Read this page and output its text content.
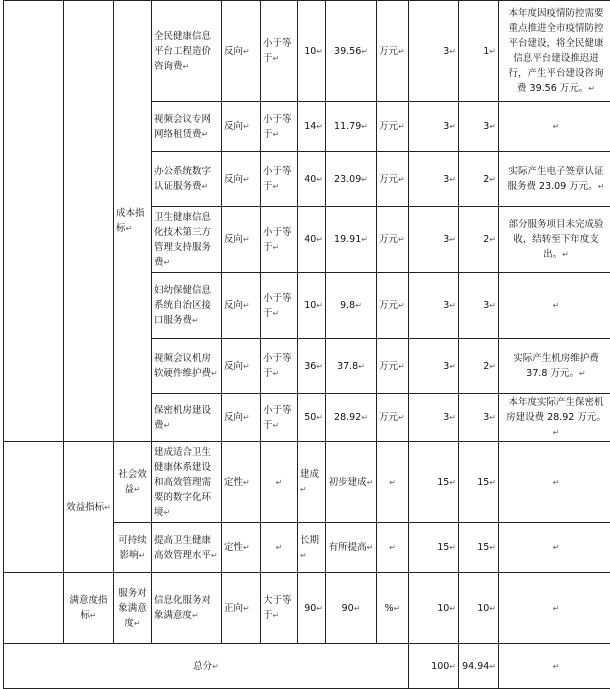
		成本指标↵	全民健康信息平台工程造价咨询费↵	反向↵	小于等于↵	10↵	39.56↵	万元↵	3↵	1↵	本年度因疫情防控需要重点推进全市疫情防控平台建设，将全民健康信息平台建设推迟进行，产生平台建设咨询费 39.56 万元。↵
			视频会议专网网络租赁费↵	反向↵	小于等于↵	14↵	11.79↵	万元↵	3↵	3↵	↵
			办公系统数字认证服务费↵	反向↵	小于等于↵	40↵	23.09↵	万元↵	3↵	2↵	实际产生电子签章认证服务费 23.09 万元。↵
			卫生健康信息化技术第三方管理支持服务费↵	反向↵	小于等于↵	40↵	19.91↵	万元↵	3↵	2↵	部分服务项目未完成验收，结转至下年度支出。↵
			妇幼保健信息系统自治区接口服务费↵	反向↵	小于等于↵	10↵	9.8↵	万元↵	3↵	3↵	↵
			视频会议机房软硬件维护费↵	反向↵	小于等于↵	36↵	37.8↵	万元↵	3↵	2↵	实际产生机房维护费 37.8 万元。↵
			保密机房建设费↵	反向↵	小于等于↵	50↵	28.92↵	万元↵	3↵	3↵	本年度实际产生保密机房建设费 28.92 万元。↵
	效益指标↵	社会效益↵	建成适合卫生健康体系建设和高效管理需要的数字化环境↵	定性↵	↵	建成↵	初步建成↵	↵	15↵	15↵	↵
		可持续影响↵	提高卫生健康高效管理水平↵	定性↵	↵	长期↵	有所提高↵	↵	15↵	15↵	↵
	满意度指标↵	服务对象满意度↵	信息化服务对象满意度↵	正向↵	大于等于↵	90↵	90↵	%↵	10↵	10↵	↵
总分↵									100↵	94.94↵	↵
